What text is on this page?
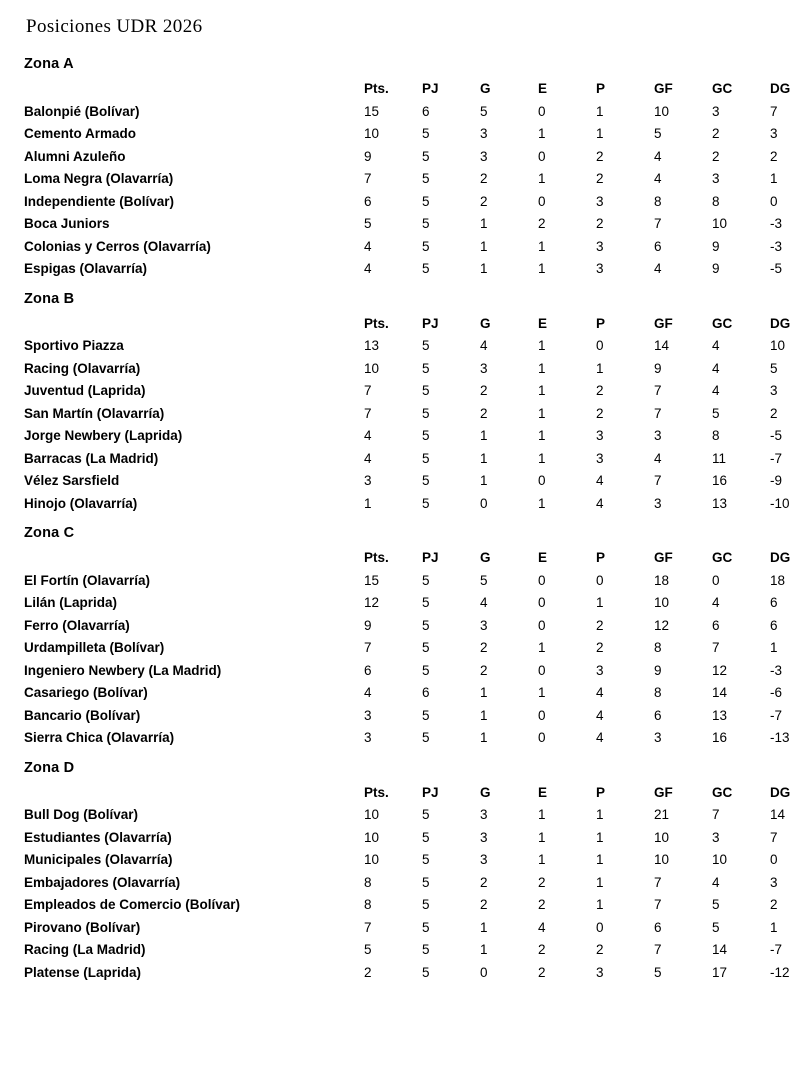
Posiciones UDR 2026
Zona A
	Pts.	PJ	G	E	P	GF	GC	DG
Balonpié (Bolívar)	15	6	5	0	1	10	3	7
Cemento Armado	10	5	3	1	1	5	2	3
Alumni Azuleño	9	5	3	0	2	4	2	2
Loma Negra (Olavarría)	7	5	2	1	2	4	3	1
Independiente (Bolívar)	6	5	2	0	3	8	8	0
Boca Juniors	5	5	1	2	2	7	10	-3
Colonias y Cerros (Olavarría)	4	5	1	1	3	6	9	-3
Espigas (Olavarría)	4	5	1	1	3	4	9	-5
Zona B
	Pts.	PJ	G	E	P	GF	GC	DG
Sportivo Piazza	13	5	4	1	0	14	4	10
Racing (Olavarría)	10	5	3	1	1	9	4	5
Juventud (Laprida)	7	5	2	1	2	7	4	3
San Martín (Olavarría)	7	5	2	1	2	7	5	2
Jorge Newbery (Laprida)	4	5	1	1	3	3	8	-5
Barracas (La Madrid)	4	5	1	1	3	4	11	-7
Vélez Sarsfield	3	5	1	0	4	7	16	-9
Hinojo (Olavarría)	1	5	0	1	4	3	13	-10
Zona C
	Pts.	PJ	G	E	P	GF	GC	DG
El Fortín (Olavarría)	15	5	5	0	0	18	0	18
Lilán (Laprida)	12	5	4	0	1	10	4	6
Ferro (Olavarría)	9	5	3	0	2	12	6	6
Urdampilleta (Bolívar)	7	5	2	1	2	8	7	1
Ingeniero Newbery (La Madrid)	6	5	2	0	3	9	12	-3
Casariego (Bolívar)	4	6	1	1	4	8	14	-6
Bancario (Bolívar)	3	5	1	0	4	6	13	-7
Sierra Chica (Olavarría)	3	5	1	0	4	3	16	-13
Zona D
	Pts.	PJ	G	E	P	GF	GC	DG
Bull Dog (Bolívar)	10	5	3	1	1	21	7	14
Estudiantes (Olavarría)	10	5	3	1	1	10	3	7
Municipales (Olavarría)	10	5	3	1	1	10	10	0
Embajadores (Olavarría)	8	5	2	2	1	7	4	3
Empleados de Comercio (Bolívar)	8	5	2	2	1	7	5	2
Pirovano (Bolívar)	7	5	1	4	0	6	5	1
Racing (La Madrid)	5	5	1	2	2	7	14	-7
Platense (Laprida)	2	5	0	2	3	5	17	-12
